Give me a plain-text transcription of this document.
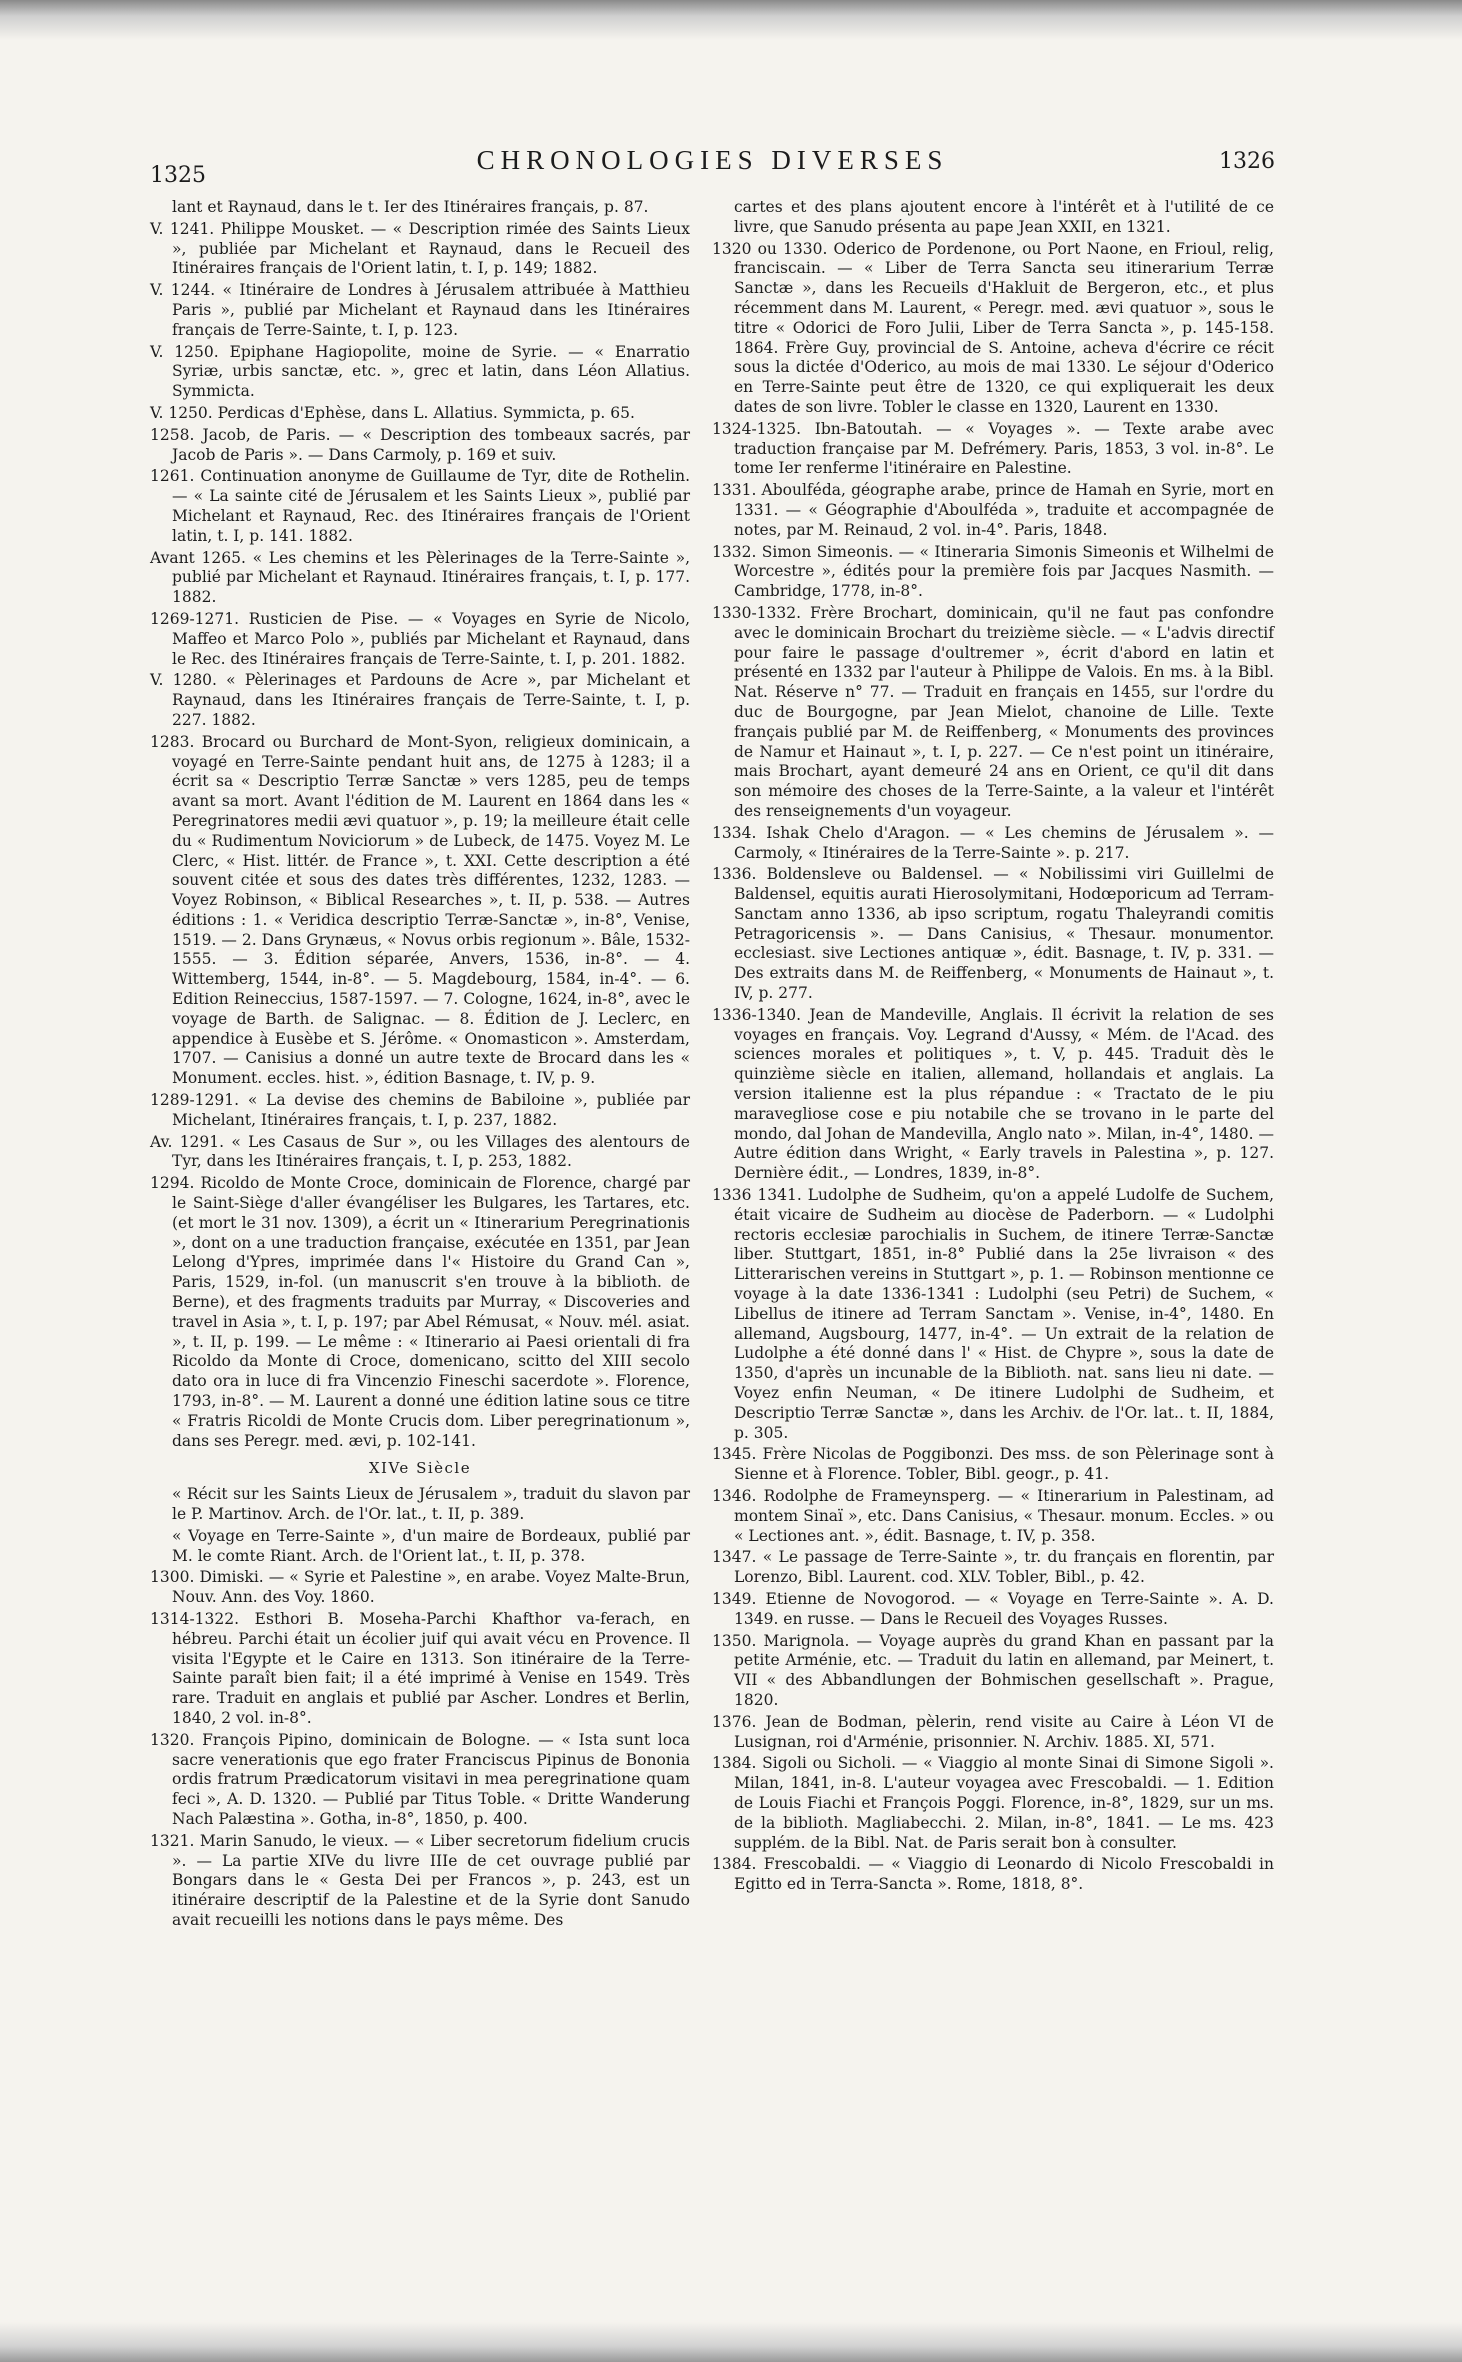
1325
CHRONOLOGIES DIVERSES	1326

lant et Raynaud, dans le t. Ier des Itinéraires français, p. 87.

V. 1241. Philippe Mousket. — « Description rimée des Saints Lieux », publiée par Michelant et Raynaud, dans le Recueil des Itinéraires français de l'Orient latin, t. I, p. 149; 1882.

V. 1244. « Itinéraire de Londres à Jérusalem attribuée à Matthieu Paris », publié par Michelant et Raynaud dans les Itinéraires français de Terre-Sainte, t. I, p. 123.

V. 1250. Epiphane Hagiopolite, moine de Syrie. — « Enarratio Syriæ, urbis sanctæ, etc. », grec et latin, dans Léon Allatius. Symmicta.

V. 1250. Perdicas d'Ephèse, dans L. Allatius. Symmicta, p. 65.

1258. Jacob, de Paris. — « Description des tombeaux sacrés, par Jacob de Paris ». — Dans Carmoly, p. 169 et suiv.

1261. Continuation anonyme de Guillaume de Tyr, dite de Rothelin. — « La sainte cité de Jérusalem et les Saints Lieux », publié par Michelant et Raynaud, Rec. des Itinéraires français de l'Orient latin, t. I, p. 141. 1882.

Avant 1265. « Les chemins et les Pèlerinages de la Terre-Sainte », publié par Michelant et Raynaud. Itinéraires français, t. I, p. 177. 1882.

1269-1271. Rusticien de Pise. — « Voyages en Syrie de Nicolo, Maffeo et Marco Polo », publiés par Michelant et Raynaud, dans le Rec. des Itinéraires français de Terre-Sainte, t. I, p. 201. 1882.

V. 1280. « Pèlerinages et Pardouns de Acre », par Michelant et Raynaud, dans les Itinéraires français de Terre-Sainte, t. I, p. 227. 1882.

1283. Brocard ou Burchard de Mont-Syon, religieux dominicain, a voyagé en Terre-Sainte pendant huit ans, de 1275 à 1283; il a écrit sa « Descriptio Terræ Sanctæ » vers 1285, peu de temps avant sa mort. Avant l'édition de M. Laurent en 1864 dans les « Peregrinatores medii ævi quatuor », p. 19; la meilleure était celle du « Rudimentum Noviciorum » de Lubeck, de 1475. Voyez M. Le Clerc, « Hist. littér. de France », t. XXI. Cette description a été souvent citée et sous des dates très différentes, 1232, 1283. — Voyez Robinson, « Biblical Researches », t. II, p. 538. — Autres éditions : 1. « Veridica descriptio Terræ-Sanctæ », in-8°, Venise, 1519. — 2. Dans Grynæus, « Novus orbis regionum ». Bâle, 1532-1555. — 3. Édition séparée, Anvers, 1536, in-8°. — 4. Wittemberg, 1544, in-8°. — 5. Magdebourg, 1584, in-4°. — 6. Edition Reineccius, 1587-1597. — 7. Cologne, 1624, in-8°, avec le voyage de Barth. de Salignac. — 8. Édition de J. Leclerc, en appendice à Eusèbe et S. Jérôme. « Onomasticon ». Amsterdam, 1707. — Canisius a donné un autre texte de Brocard dans les « Monument. eccles. hist. », édition Basnage, t. IV, p. 9.

1289-1291. « La devise des chemins de Babiloine », publiée par Michelant, Itinéraires français, t. I, p. 237, 1882.

Av. 1291. « Les Casaus de Sur », ou les Villages des alentours de Tyr, dans les Itinéraires français, t. I, p. 253, 1882.

1294. Ricoldo de Monte Croce, dominicain de Florence, chargé par le Saint-Siège d'aller évangéliser les Bulgares, les Tartares, etc. (et mort le 31 nov. 1309), a écrit un « Itinerarium Peregrinationis », dont on a une traduction française, exécutée en 1351, par Jean Lelong d'Ypres, imprimée dans l'« Histoire du Grand Can », Paris, 1529, in-fol. (un manuscrit s'en trouve à la biblioth. de Berne), et des fragments traduits par Murray, « Discoveries and travel in Asia », t. I, p. 197; par Abel Rémusat, « Nouv. mél. asiat. », t. II, p. 199. — Le même : « Itinerario ai Paesi orientali di fra Ricoldo da Monte di Croce, domenicano, scitto del XIII secolo dato ora in luce di fra Vincenzio Fineschi sacerdote ». Florence, 1793, in-8°. — M. Laurent a donné une édition latine sous ce titre « Fratris Ricoldi de Monte Crucis dom. Liber peregrinationum », dans ses Peregr. med. ævi, p. 102-141.

XIVe Siècle

« Récit sur les Saints Lieux de Jérusalem », traduit du slavon par le P. Martinov. Arch. de l'Or. lat., t. II, p. 389.

« Voyage en Terre-Sainte », d'un maire de Bordeaux, publié par M. le comte Riant. Arch. de l'Orient lat., t. II, p. 378.

1300. Dimiski. — « Syrie et Palestine », en arabe. Voyez Malte-Brun, Nouv. Ann. des Voy. 1860.

1314-1322. Esthori B. Moseha-Parchi Khafthor va-ferach, en hébreu. Parchi était un écolier juif qui avait vécu en Provence. Il visita l'Egypte et le Caire en 1313. Son itinéraire de la Terre-Sainte paraît bien fait; il a été imprimé à Venise en 1549. Très rare. Traduit en anglais et publié par Ascher. Londres et Berlin, 1840, 2 vol. in-8°.

1320. François Pipino, dominicain de Bologne. — « Ista sunt loca sacre venerationis que ego frater Franciscus Pipinus de Bononia ordis fratrum Prædicatorum visitavi in mea peregrinatione quam feci », A. D. 1320. — Publié par Titus Toble. « Dritte Wanderung Nach Palæstina ». Gotha, in-8°, 1850, p. 400.

1321. Marin Sanudo, le vieux. — « Liber secretorum fidelium crucis ». — La partie XIVe du livre IIIe de cet ouvrage publié par Bongars dans le « Gesta Dei per Francos », p. 243, est un itinéraire descriptif de la Palestine et de la Syrie dont Sanudo avait recueilli les notions dans le pays même. Des

cartes et des plans ajoutent encore à l'intérêt et à l'utilité de ce livre, que Sanudo présenta au pape Jean XXII, en 1321.

1320 ou 1330. Oderico de Pordenone, ou Port Naone, en Frioul, relig, franciscain. — « Liber de Terra Sancta seu itinerarium Terræ Sanctæ », dans les Recueils d'Hakluit de Bergeron, etc., et plus récemment dans M. Laurent, « Peregr. med. ævi quatuor », sous le titre « Odorici de Foro Julii, Liber de Terra Sancta », p. 145-158. 1864. Frère Guy, provincial de S. Antoine, acheva d'écrire ce récit sous la dictée d'Oderico, au mois de mai 1330. Le séjour d'Oderico en Terre-Sainte peut être de 1320, ce qui expliquerait les deux dates de son livre. Tobler le classe en 1320, Laurent en 1330.

1324-1325. Ibn-Batoutah. — « Voyages ». — Texte arabe avec traduction française par M. Defrémery. Paris, 1853, 3 vol. in-8°. Le tome Ier renferme l'itinéraire en Palestine.

1331. Aboulféda, géographe arabe, prince de Hamah en Syrie, mort en 1331. — « Géographie d'Aboulféda », traduite et accompagnée de notes, par M. Reinaud, 2 vol. in-4°. Paris, 1848.

1332. Simon Simeonis. — « Itineraria Simonis Simeonis et Wilhelmi de Worcestre », édités pour la première fois par Jacques Nasmith. — Cambridge, 1778, in-8°.

1330-1332. Frère Brochart, dominicain, qu'il ne faut pas confondre avec le dominicain Brochart du treizième siècle. — « L'advis directif pour faire le passage d'oultremer », écrit d'abord en latin et présenté en 1332 par l'auteur à Philippe de Valois. En ms. à la Bibl. Nat. Réserve n° 77. — Traduit en français en 1455, sur l'ordre du duc de Bourgogne, par Jean Mielot, chanoine de Lille. Texte français publié par M. de Reiffenberg, « Monuments des provinces de Namur et Hainaut », t. I, p. 227. — Ce n'est point un itinéraire, mais Brochart, ayant demeuré 24 ans en Orient, ce qu'il dit dans son mémoire des choses de la Terre-Sainte, a la valeur et l'intérêt des renseignements d'un voyageur.

1334. Ishak Chelo d'Aragon. — « Les chemins de Jérusalem ». — Carmoly, « Itinéraires de la Terre-Sainte ». p. 217.

1336. Boldensleve ou Baldensel. — « Nobilissimi viri Guillelmi de Baldensel, equitis aurati Hierosolymitani, Hodœporicum ad Terram-Sanctam anno 1336, ab ipso scriptum, rogatu Thaleyrandi comitis Petragoricensis ». — Dans Canisius, « Thesaur. monumentor. ecclesiast. sive Lectiones antiquæ », édit. Basnage, t. IV, p. 331. — Des extraits dans M. de Reiffenberg, « Monuments de Hainaut », t. IV, p. 277.

1336-1340. Jean de Mandeville, Anglais. Il écrivit la relation de ses voyages en français. Voy. Legrand d'Aussy, « Mém. de l'Acad. des sciences morales et politiques », t. V, p. 445. Traduit dès le quinzième siècle en italien, allemand, hollandais et anglais. La version italienne est la plus répandue : « Tractato de le piu maravegliose cose e piu notabile che se trovano in le parte del mondo, dal Johan de Mandevilla, Anglo nato ». Milan, in-4°, 1480. — Autre édition dans Wright, « Early travels in Palestina », p. 127. Dernière édit., — Londres, 1839, in-8°.

1336 1341. Ludolphe de Sudheim, qu'on a appelé Ludolfe de Suchem, était vicaire de Sudheim au diocèse de Paderborn. — « Ludolphi rectoris ecclesiæ parochialis in Suchem, de itinere Terræ-Sanctæ liber. Stuttgart, 1851, in-8° Publié dans la 25e livraison « des Litterarischen vereins in Stuttgart », p. 1. — Robinson mentionne ce voyage à la date 1336-1341 : Ludolphi (seu Petri) de Suchem, « Libellus de itinere ad Terram Sanctam ». Venise, in-4°, 1480. En allemand, Augsbourg, 1477, in-4°. — Un extrait de la relation de Ludolphe a été donné dans l' « Hist. de Chypre », sous la date de 1350, d'après un incunable de la Biblioth. nat. sans lieu ni date. — Voyez enfin Neuman, « De itinere Ludolphi de Sudheim, et Descriptio Terræ Sanctæ », dans les Archiv. de l'Or. lat.. t. II, 1884, p. 305.

1345. Frère Nicolas de Poggibonzi. Des mss. de son Pèlerinage sont à Sienne et à Florence. Tobler, Bibl. geogr., p. 41.

1346. Rodolphe de Frameynsperg. — « Itinerarium in Palestinam, ad montem Sinaï », etc. Dans Canisius, « Thesaur. monum. Eccles. » ou « Lectiones ant. », édit. Basnage, t. IV, p. 358.

1347. « Le passage de Terre-Sainte », tr. du français en florentin, par Lorenzo, Bibl. Laurent. cod. XLV. Tobler, Bibl., p. 42.

1349. Etienne de Novogorod. — « Voyage en Terre-Sainte ». A. D. 1349. en russe. — Dans le Recueil des Voyages Russes.

1350. Marignola. — Voyage auprès du grand Khan en passant par la petite Arménie, etc. — Traduit du latin en allemand, par Meinert, t. VII « des Abbandlungen der Bohmischen gesellschaft ». Prague, 1820.

1376. Jean de Bodman, pèlerin, rend visite au Caire à Léon VI de Lusignan, roi d'Arménie, prisonnier. N. Archiv. 1885. XI, 571.

1384. Sigoli ou Sicholi. — « Viaggio al monte Sinai di Simone Sigoli ». Milan, 1841, in-8. L'auteur voyagea avec Frescobaldi. — 1. Edition de Louis Fiachi et François Poggi. Florence, in-8°, 1829, sur un ms. de la biblioth. Magliabecchi. 2. Milan, in-8°, 1841. — Le ms. 423 supplém. de la Bibl. Nat. de Paris serait bon à consulter.

1384. Frescobaldi. — « Viaggio di Leonardo di Nicolo Frescobaldi in Egitto ed in Terra-Sancta ». Rome, 1818, 8°.
